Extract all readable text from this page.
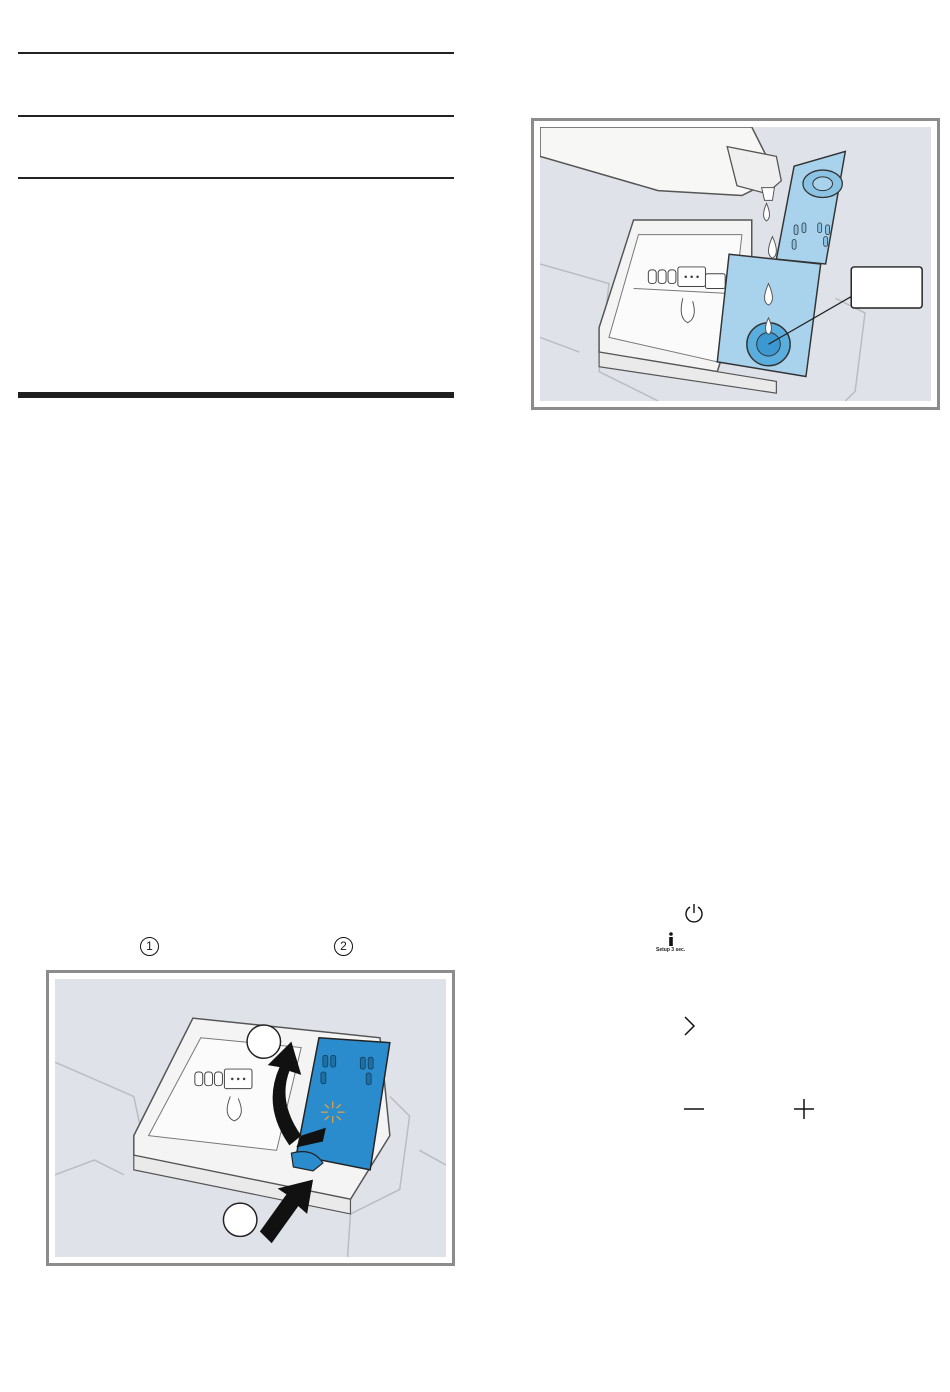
1	2	Setup 3 sec.
